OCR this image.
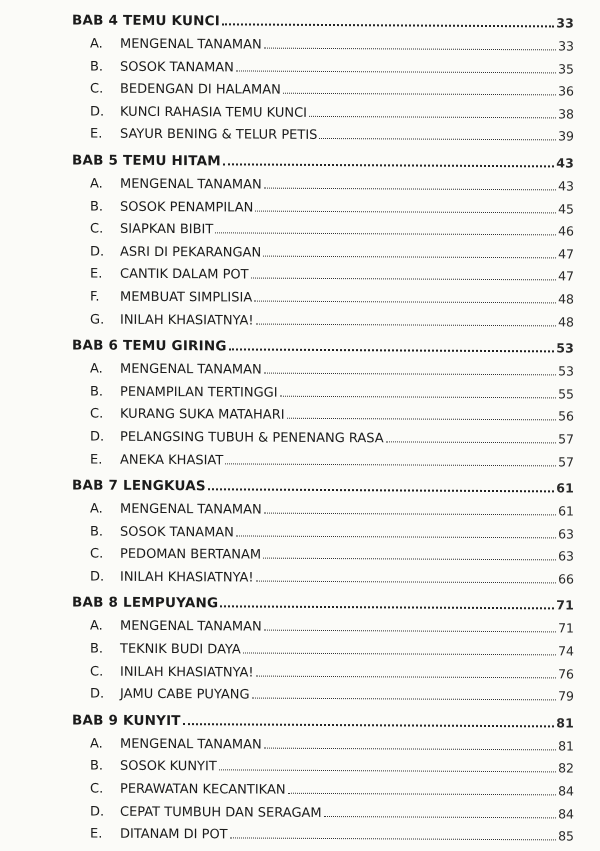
BAB 4 TEMU KUNCI	33
A.	MENGENAL TANAMAN	33
B.	SOSOK TANAMAN	35
C.	BEDENGAN DI HALAMAN	36
D.	KUNCI RAHASIA TEMU KUNCI	38
E.	SAYUR BENING & TELUR PETIS	39
BAB 5 TEMU HITAM	43
A.	MENGENAL TANAMAN	43
B.	SOSOK PENAMPILAN	45
C.	SIAPKAN BIBIT	46
D.	ASRI DI PEKARANGAN	47
E.	CANTIK DALAM POT	47
F.	MEMBUAT SIMPLISIA	48
G.	INILAH KHASIATNYA!	48
BAB 6 TEMU GIRING	53
A.	MENGENAL TANAMAN	53
B.	PENAMPILAN TERTINGGI	55
C.	KURANG SUKA MATAHARI	56
D.	PELANGSING TUBUH & PENENANG RASA	57
E.	ANEKA KHASIAT	57
BAB 7 LENGKUAS	61
A.	MENGENAL TANAMAN	61
B.	SOSOK TANAMAN	63
C.	PEDOMAN BERTANAM	63
D.	INILAH KHASIATNYA!	66
BAB 8 LEMPUYANG	71
A.	MENGENAL TANAMAN	71
B.	TEKNIK BUDI DAYA	74
C.	INILAH KHASIATNYA!	76
D.	JAMU CABE PUYANG	79
BAB 9 KUNYIT	81
A.	MENGENAL TANAMAN	81
B.	SOSOK KUNYIT	82
C.	PERAWATAN KECANTIKAN	84
D.	CEPAT TUMBUH DAN SERAGAM	84
E.	DITANAM DI POT	85
